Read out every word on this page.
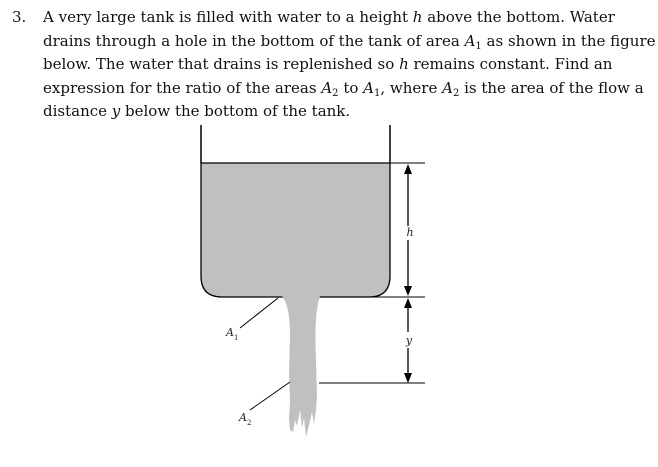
3. A very large tank is filled with water to a height h above the bottom. Water
drains through a hole in the bottom of the tank of area $A_1$ as shown in the figure
below. The water that drains is replenished so h remains constant. Find an
expression for the ratio of the areas $A_2$ to $A_1$, where $A_2$ is the area of the flow a
distance y below the bottom of the tank.
h
y
$A_1$
$A_2$
